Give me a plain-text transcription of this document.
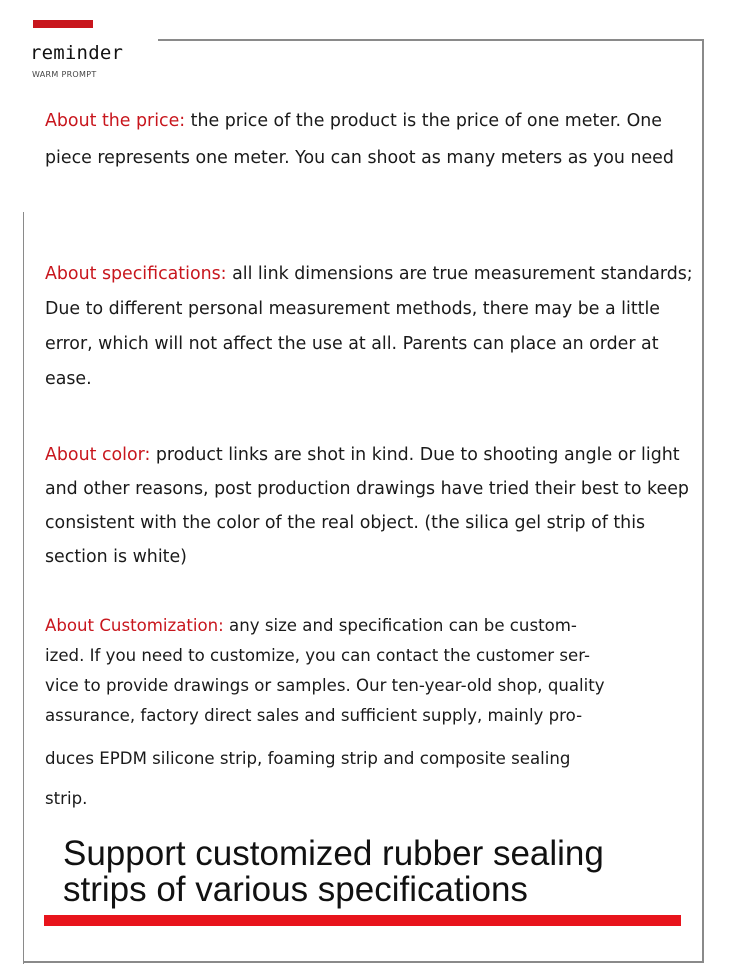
reminder
WARM PROMPT

About the price: the price of the product is the price of one meter. One piece represents one meter. You can shoot as many meters as you need

About specifications: all link dimensions are true measurement standards; Due to different personal measurement methods, there may be a little error, which will not affect the use at all. Parents can place an order at ease.

About color: product links are shot in kind. Due to shooting angle or light and other reasons, post production drawings have tried their best to keep consistent with the color of the real object. (the silica gel strip of this section is white)

About Customization: any size and specification can be custom-
ized. If you need to customize, you can contact the customer ser-
vice to provide drawings or samples. Our ten-year-old shop, quality
assurance, factory direct sales and sufficient supply, mainly pro-
duces EPDM silicone strip, foaming strip and composite sealing
strip.

Support customized rubber sealing
strips of various specifications
